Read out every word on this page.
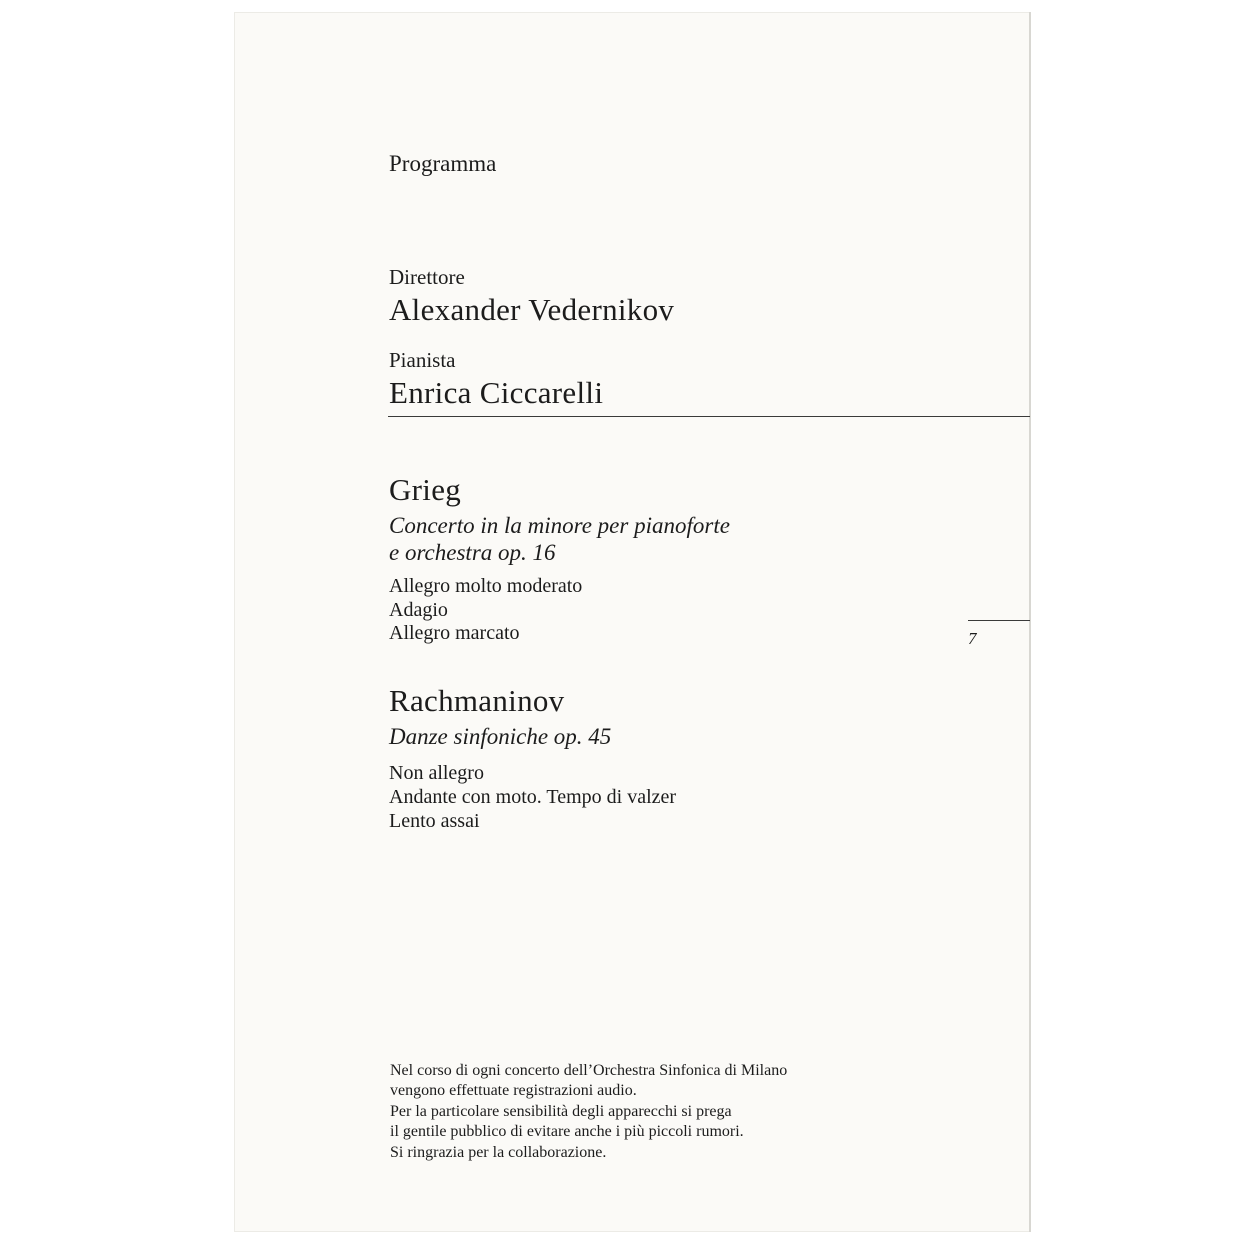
Programma

Direttore

Alexander Vedernikov

Pianista

Enrica Ciccarelli

Grieg

Concerto in la minore per pianoforte

e orchestra op. 16

Allegro molto moderato

Adagio

Allegro marcato	7

Rachmaninov

Danze sinfoniche op. 45

Non allegro

Andante con moto. Tempo di valzer

Lento assai

Nel corso di ogni concerto dell’Orchestra Sinfonica di Milano

vengono effettuate registrazioni audio.

Per la particolare sensibilità degli apparecchi si prega

il gentile pubblico di evitare anche i più piccoli rumori.

Si ringrazia per la collaborazione.
